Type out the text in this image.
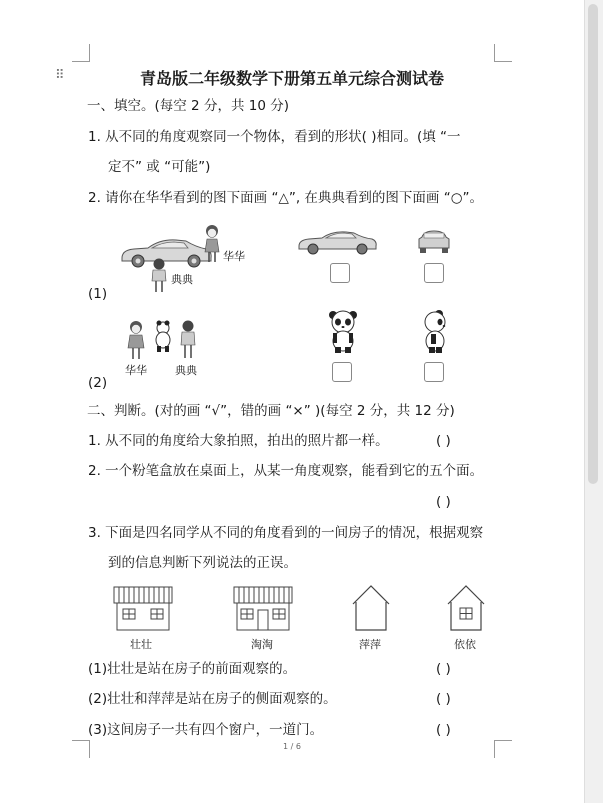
⠿	青岛版二年级数学下册第五单元综合测试卷
一、填空。(每空 2 分，共 10 分)
1. 从不同的角度观察同一个物体，看到的形状( )相同。(填 “一
定不” 或 “可能”)
2. 请你在华华看到的图下面画 “△”, 在典典看到的图下面画 “○”。
华华
典典
(1)
华华	典典
(2)
二、判断。(对的画 “√”，错的画 “×” )(每空 2 分，共 12 分)
1. 从不同的角度给大象拍照，拍出的照片都一样。	( )
2. 一个粉笔盒放在桌面上，从某一角度观察，能看到它的五个面。
( )
3. 下面是四名同学从不同的角度看到的一间房子的情况，根据观察
到的信息判断下列说法的正误。
壮壮	淘淘	萍萍	依依
(1)壮壮是站在房子的前面观察的。	( )
(2)壮壮和萍萍是站在房子的侧面观察的。	( )
(3)这间房子一共有四个窗户，一道门。	( )
1 / 6
